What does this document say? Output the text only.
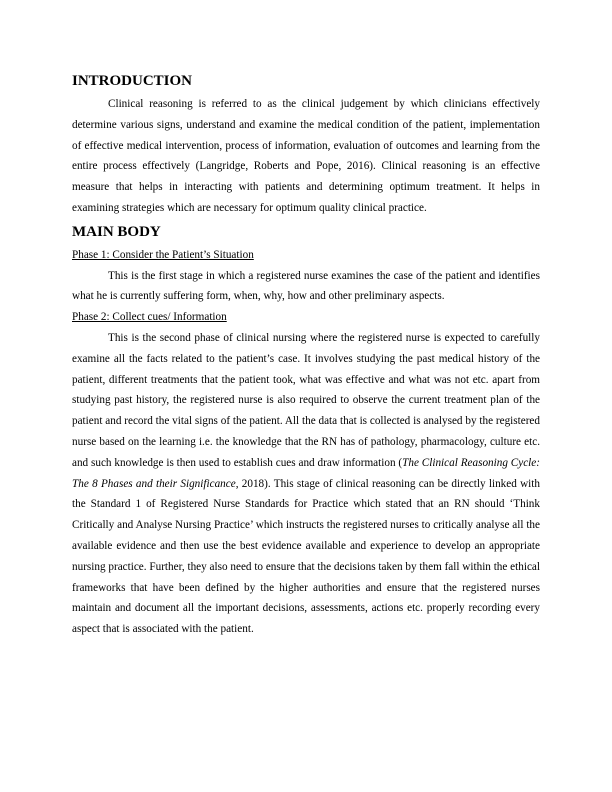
INTRODUCTION

Clinical reasoning is referred to as the clinical judgement by which clinicians effectively determine various signs, understand and examine the medical condition of the patient, implementation of effective medical intervention, process of information, evaluation of outcomes and learning from the entire process effectively (Langridge, Roberts and Pope, 2016). Clinical reasoning is an effective measure that helps in interacting with patients and determining optimum treatment. It helps in examining strategies which are necessary for optimum quality clinical practice.

MAIN BODY
Phase 1: Consider the Patient’s Situation

This is the first stage in which a registered nurse examines the case of the patient and identifies what he is currently suffering form, when, why, how and other preliminary aspects.

Phase 2: Collect cues/ Information

This is the second phase of clinical nursing where the registered nurse is expected to carefully examine all the facts related to the patient’s case. It involves studying the past medical history of the patient, different treatments that the patient took, what was effective and what was not etc. apart from studying past history, the registered nurse is also required to observe the current treatment plan of the patient and record the vital signs of the patient. All the data that is collected is analysed by the registered nurse based on the learning i.e. the knowledge that the RN has of pathology, pharmacology, culture etc. and such knowledge is then used to establish cues and draw information (The Clinical Reasoning Cycle: The 8 Phases and their Significance, 2018). This stage of clinical reasoning can be directly linked with the Standard 1 of Registered Nurse Standards for Practice which stated that an RN should ‘Think Critically and Analyse Nursing Practice’ which instructs the registered nurses to critically analyse all the available evidence and then use the best evidence available and experience to develop an appropriate nursing practice. Further, they also need to ensure that the decisions taken by them fall within the ethical frameworks that have been defined by the higher authorities and ensure that the registered nurses maintain and document all the important decisions, assessments, actions etc. properly recording every aspect that is associated with the patient.
